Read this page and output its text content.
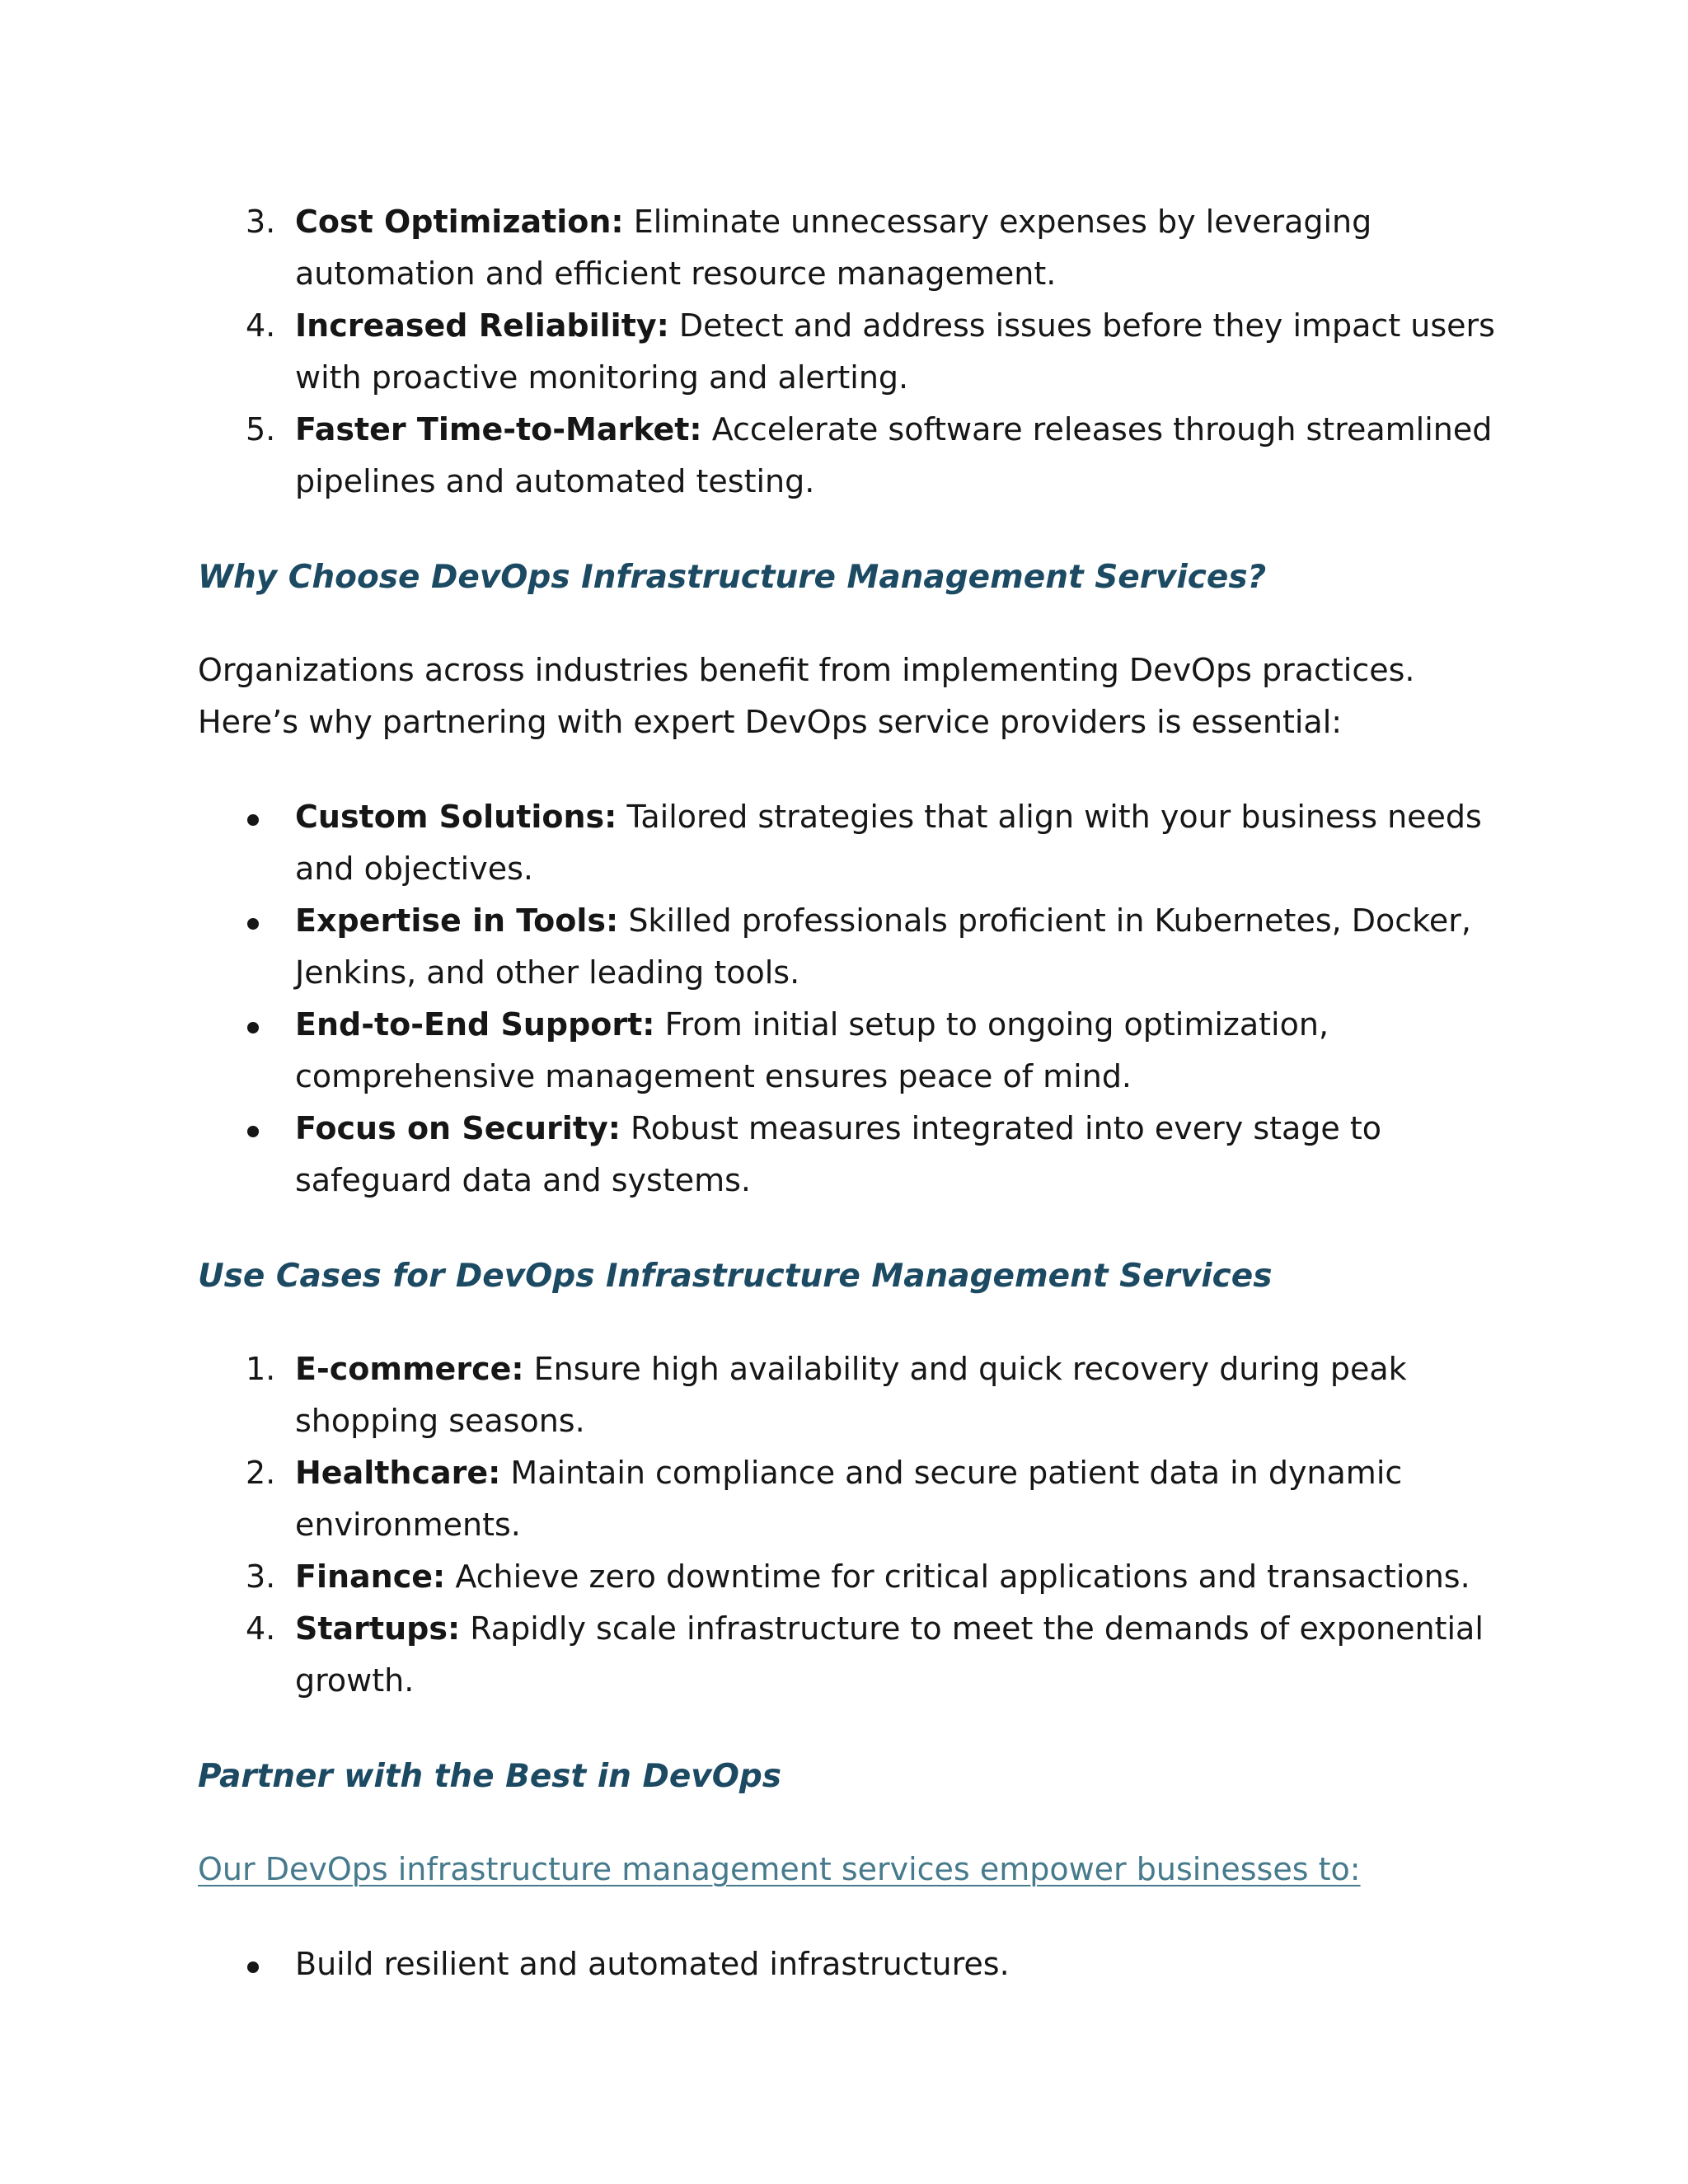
3. Cost Optimization: Eliminate unnecessary expenses by leveraging automation and efficient resource management.
4. Increased Reliability: Detect and address issues before they impact users with proactive monitoring and alerting.
5. Faster Time-to-Market: Accelerate software releases through streamlined pipelines and automated testing.
Why Choose DevOps Infrastructure Management Services?

Organizations across industries benefit from implementing DevOps practices. Here’s why partnering with expert DevOps service providers is essential:

Custom Solutions: Tailored strategies that align with your business needs and objectives.
Expertise in Tools: Skilled professionals proficient in Kubernetes, Docker, Jenkins, and other leading tools.
End-to-End Support: From initial setup to ongoing optimization, comprehensive management ensures peace of mind.
Focus on Security: Robust measures integrated into every stage to safeguard data and systems.
Use Cases for DevOps Infrastructure Management Services
1. E-commerce: Ensure high availability and quick recovery during peak shopping seasons.
2. Healthcare: Maintain compliance and secure patient data in dynamic environments.
3. Finance: Achieve zero downtime for critical applications and transactions.
4. Startups: Rapidly scale infrastructure to meet the demands of exponential growth.
Partner with the Best in DevOps

Our DevOps infrastructure management services empower businesses to:

Build resilient and automated infrastructures.
